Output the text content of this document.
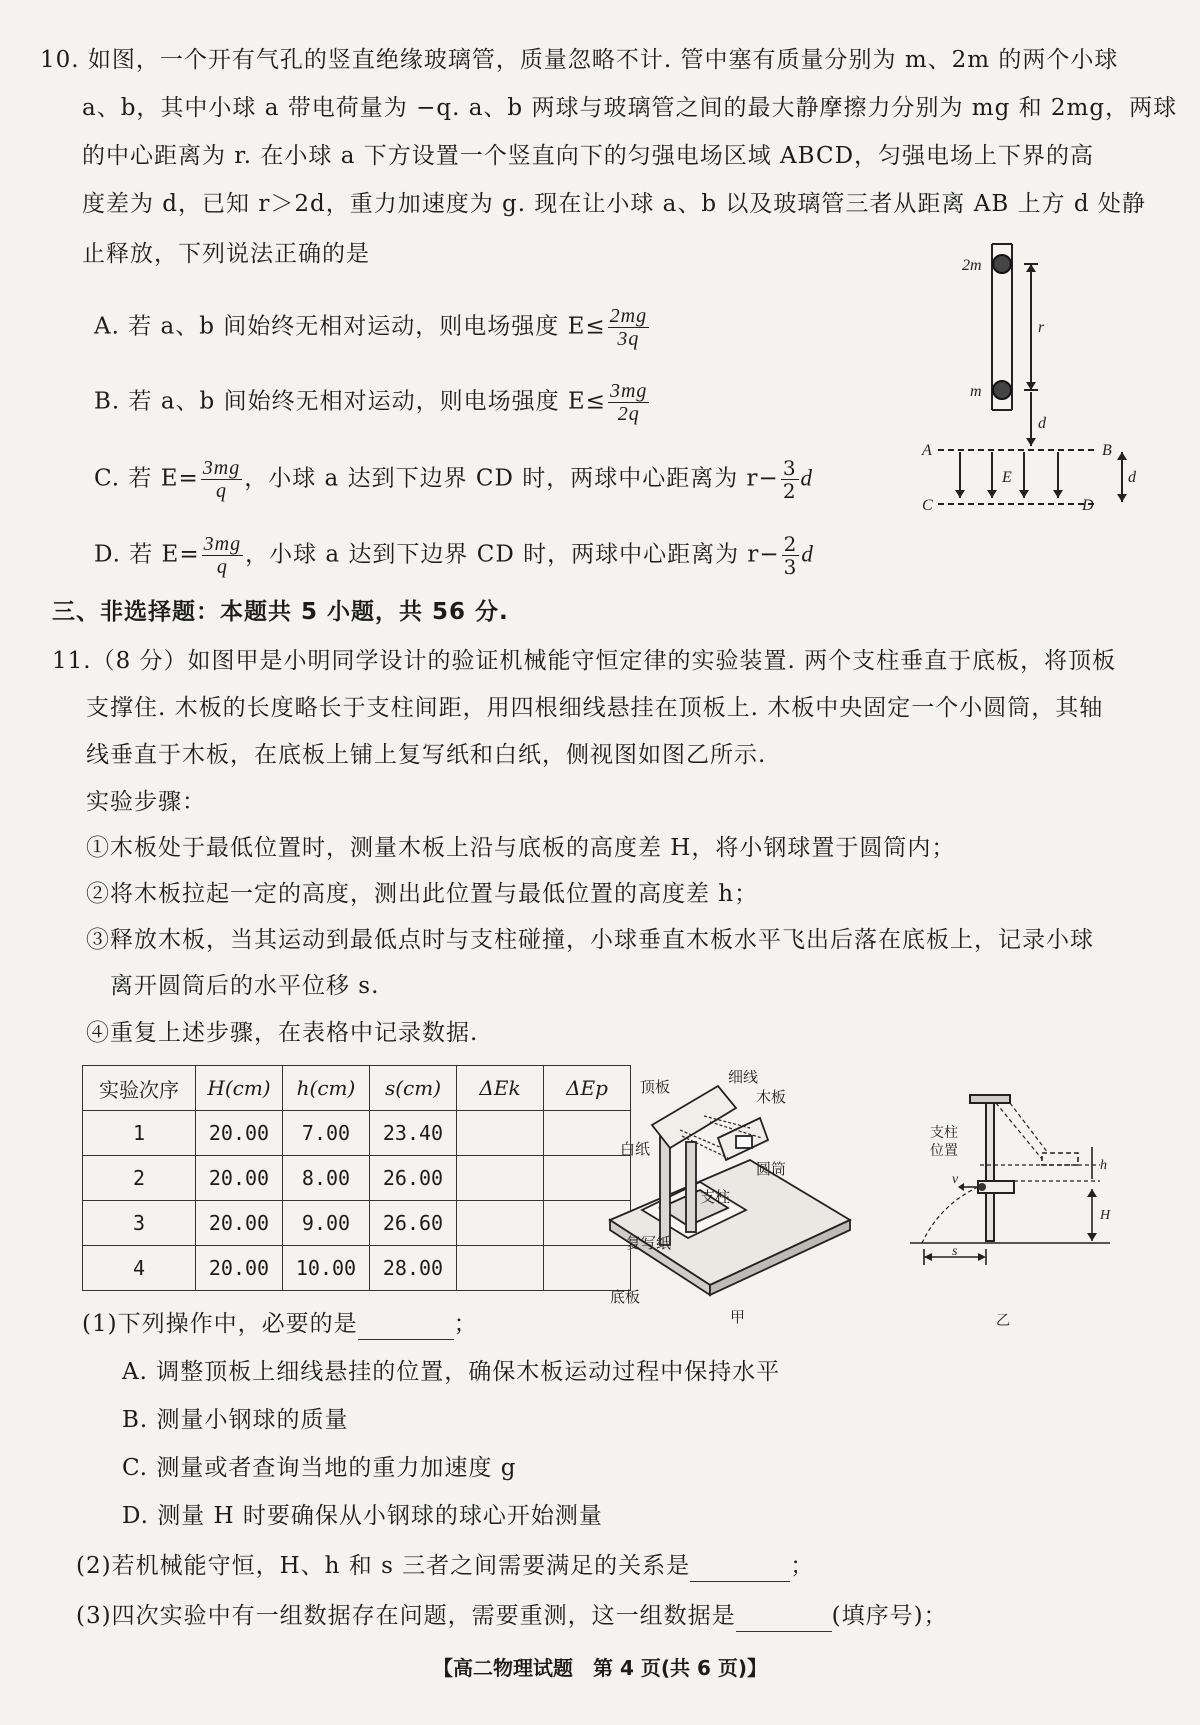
10. 如图，一个开有气孔的竖直绝缘玻璃管，质量忽略不计. 管中塞有质量分别为 m、2m 的两个小球
a、b，其中小球 a 带电荷量为 −q. a、b 两球与玻璃管之间的最大静摩擦力分别为 mg 和 2mg，两球
的中心距离为 r. 在小球 a 下方设置一个竖直向下的匀强电场区域 ABCD，匀强电场上下界的高
度差为 d，已知 r＞2d，重力加速度为 g. 现在让小球 a、b 以及玻璃管三者从距离 AB 上方 d 处静
止释放，下列说法正确的是
A. 若 a、b 间始终无相对运动，则电场强度 $E\le \frac{2mg}{3q}$
B. 若 a、b 间始终无相对运动，则电场强度 $E\le \frac{3mg}{2q}$
C. 若 $E= \frac{3mg}{q}$ ，小球 a 达到下边界 CD 时，两球中心距离为 $r- \frac{3}{2}$ d
D. 若 $E= \frac{3mg}{q}$ ，小球 a 达到下边界 CD 时，两球中心距离为 $r- \frac{2}{3}$ d
2m
m
r
d
A	B
C	D
E	d
三、非选择题：本题共 5 小题，共 56 分.
11.（8 分）如图甲是小明同学设计的验证机械能守恒定律的实验装置. 两个支柱垂直于底板，将顶板
支撑住. 木板的长度略长于支柱间距，用四根细线悬挂在顶板上. 木板中央固定一个小圆筒，其轴
线垂直于木板，在底板上铺上复写纸和白纸，侧视图如图乙所示.
实验步骤：
①木板处于最低位置时，测量木板上沿与底板的高度差 H，将小钢球置于圆筒内；
②将木板拉起一定的高度，测出此位置与最低位置的高度差 h；
③释放木板，当其运动到最低点时与支柱碰撞，小球垂直木板水平飞出后落在底板上，记录小球
离开圆筒后的水平位移 s.
④重复上述步骤，在表格中记录数据.
实验次序	H(cm)	h(cm)	s(cm)	ΔEk	ΔEp
1	20.00	7.00	23.40		
2	20.00	8.00	26.00		
3	20.00	9.00	26.60		
4	20.00	10.00	28.00		
顶板
细线
木板
白纸
支柱
圆筒
复写纸
底板
甲
支柱
位置
h
v
H
s
乙
(1)下列操作中，必要的是	；
A. 调整顶板上细线悬挂的位置，确保木板运动过程中保持水平
B. 测量小钢球的质量
C. 测量或者查询当地的重力加速度 g
D. 测量 H 时要确保从小钢球的球心开始测量
(2)若机械能守恒，H、h 和 s 三者之间需要满足的关系是	；
(3)四次实验中有一组数据存在问题，需要重测，这一组数据是	(填序号)；
【高二物理试题　第 4 页(共 6 页)】
